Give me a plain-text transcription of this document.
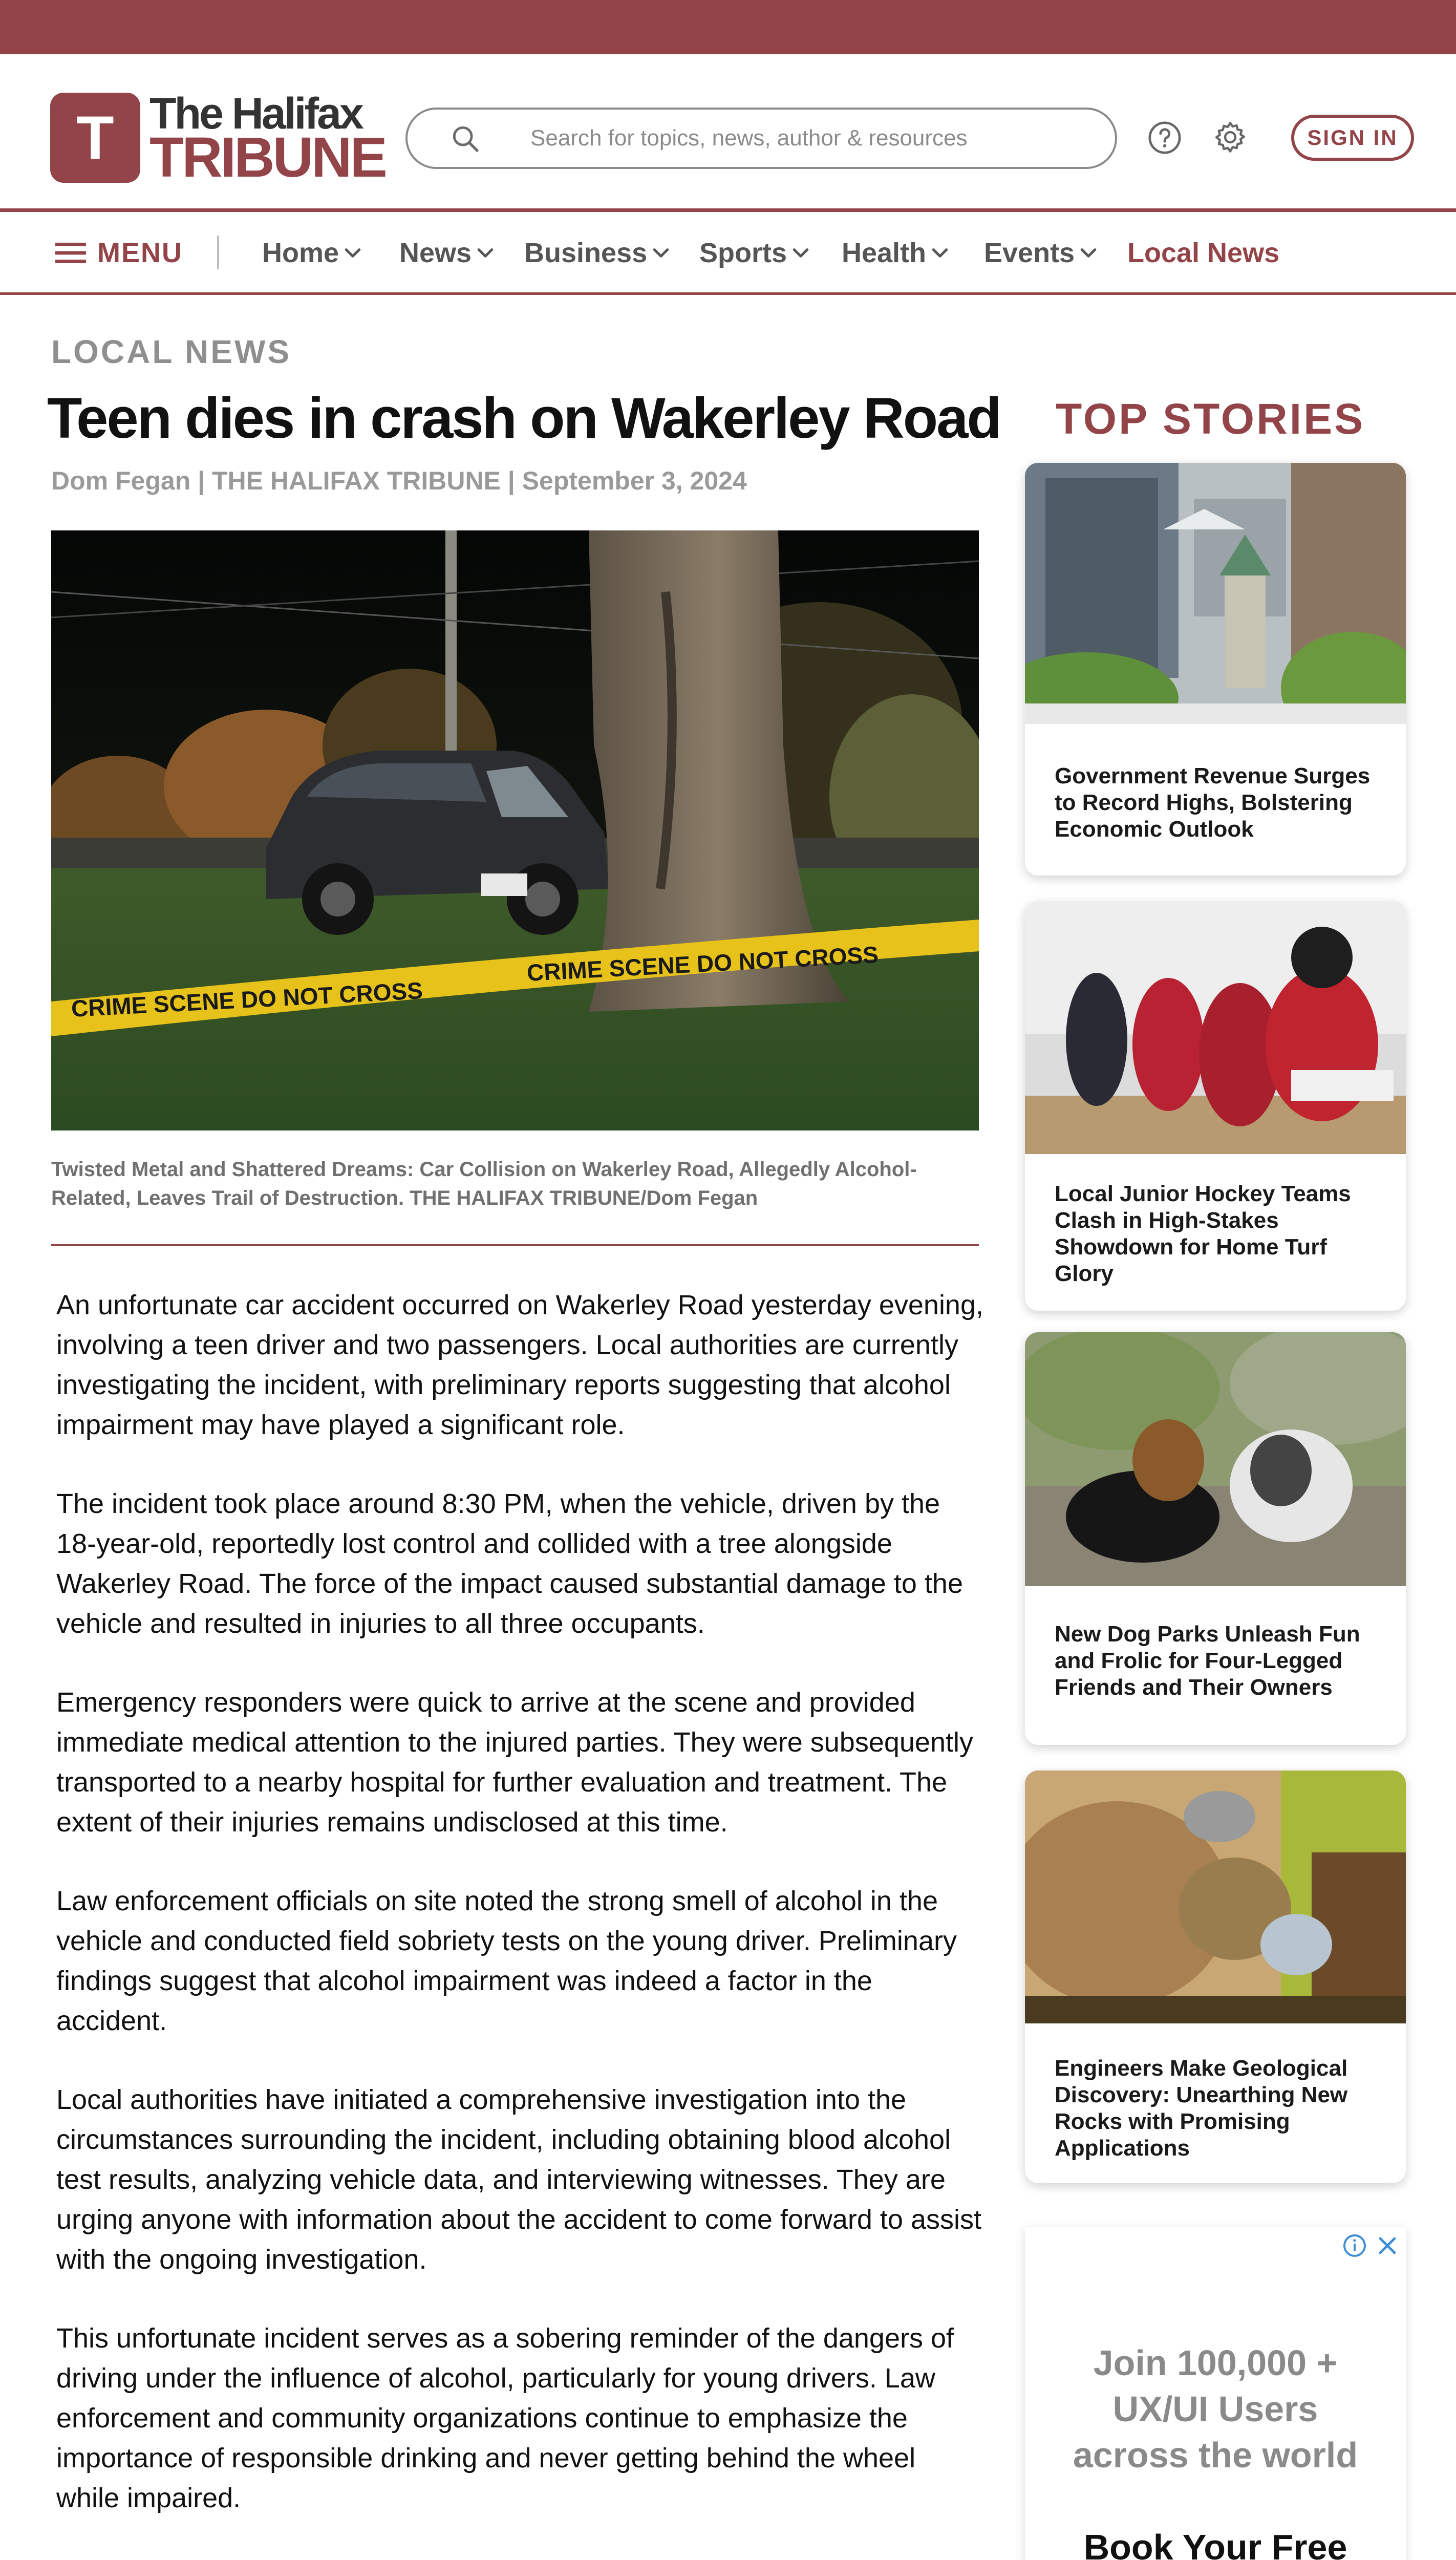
T The Halifax
TRIBUNE
Search for topics, news, author & resources	SIGN IN
MENU	Home News Business Sports Health Events Local News
LOCAL NEWS
Teen dies in crash on Wakerley Road
Dom Fegan | THE HALIFAX TRIBUNE | September 3, 2024
CRIME SCENE DO NOT CROSS
CRIME SCENE DO NOT CROSS
Twisted Metal and Shattered Dreams: Car Collision on Wakerley Road, Allegedly Alcohol-Related, Leaves Trail of Destruction. THE HALIFAX TRIBUNE/Dom Fegan

An unfortunate car accident occurred on Wakerley Road yesterday evening, involving a teen driver and two passengers. Local authorities are currently investigating the incident, with preliminary reports suggesting that alcohol impairment may have played a significant role.

The incident took place around 8:30 PM, when the vehicle, driven by the 18-year-old, reportedly lost control and collided with a tree alongside Wakerley Road. The force of the impact caused substantial damage to the vehicle and resulted in injuries to all three occupants.

Emergency responders were quick to arrive at the scene and provided immediate medical attention to the injured parties. They were subsequently transported to a nearby hospital for further evaluation and treatment. The extent of their injuries remains undisclosed at this time.

Law enforcement officials on site noted the strong smell of alcohol in the vehicle and conducted field sobriety tests on the young driver. Preliminary findings suggest that alcohol impairment was indeed a factor in the accident.

Local authorities have initiated a comprehensive investigation into the circumstances surrounding the incident, including obtaining blood alcohol test results, analyzing vehicle data, and interviewing witnesses. They are urging anyone with information about the accident to come forward to assist with the ongoing investigation.

This unfortunate incident serves as a sobering reminder of the dangers of driving under the influence of alcohol, particularly for young drivers. Law enforcement and community organizations continue to emphasize the importance of responsible drinking and never getting behind the wheel while impaired.

TOP STORIES
Government Revenue Surges to Record Highs, Bolstering Economic Outlook
Local Junior Hockey Teams Clash in High-Stakes Showdown for Home Turf Glory
New Dog Parks Unleash Fun and Frolic for Four-Legged Friends and Their Owners
Engineers Make Geological Discovery: Unearthing New Rocks with Promising Applications
Join 100,000 + UX/UI Users across the world
Book Your Free
